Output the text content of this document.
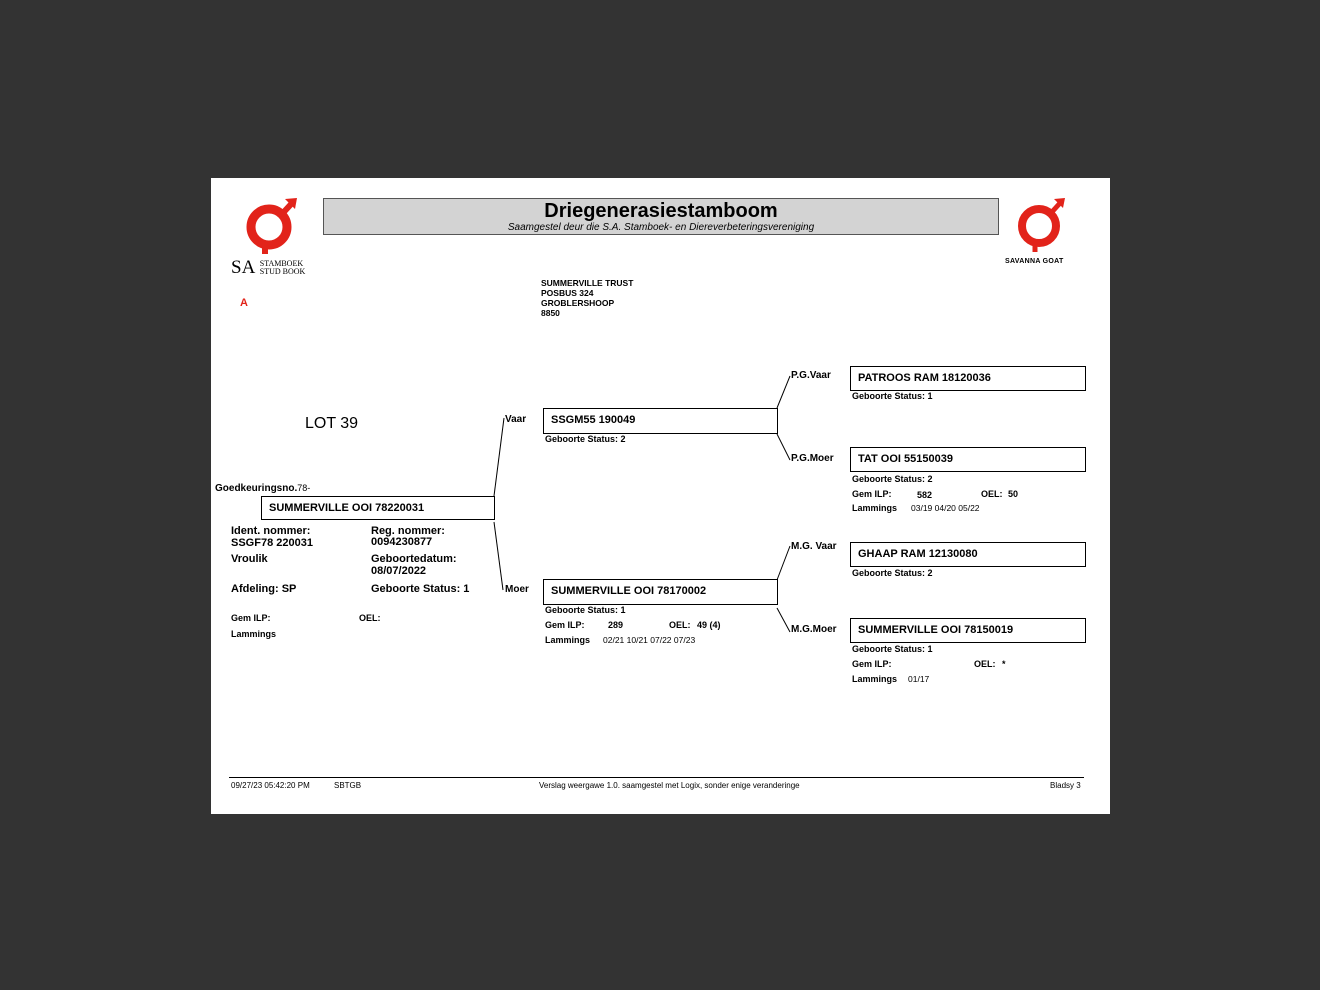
SA STAMBOEK
STUD BOOK
Driegenerasiestamboom
Saamgestel deur die S.A. Stamboek- en Diereverbeteringsvereniging
SAVANNA GOAT
A
SUMMERVILLE TRUST
POSBUS 324
GROBLERSHOOP
8850
LOT 39
Goedkeuringsno.78-
SUMMERVILLE OOI 78220031
Ident. nommer:
SSGF78 220031
Reg. nommer:
0094230877
Vroulik	Geboortedatum:
08/07/2022
Afdeling: SP	Geboorte Status: 1
Gem ILP:	OEL:
Lammings
Vaar	SSGM55 190049
Geboorte Status: 2
Moer	SUMMERVILLE OOI 78170002
Geboorte Status: 1
Gem ILP:	289	OEL: 49 (4)
Lammings 02/21 10/21 07/22 07/23
P.G.Vaar	PATROOS RAM 18120036
Geboorte Status: 1
P.G.Moer	TAT OOI 55150039
Geboorte Status: 2
Gem ILP:	582	OEL: 50
Lammings 03/19 04/20 05/22
M.G. Vaar
GHAAP RAM 12130080
Geboorte Status: 2
M.G.Moer	SUMMERVILLE OOI 78150019
Geboorte Status: 1
Gem ILP:	OEL: *
Lammings 01/17
09/27/23 05:42:20 PM	SBTGB	Verslag weergawe 1.0. saamgestel met Logix, sonder enige veranderinge	Bladsy 3
